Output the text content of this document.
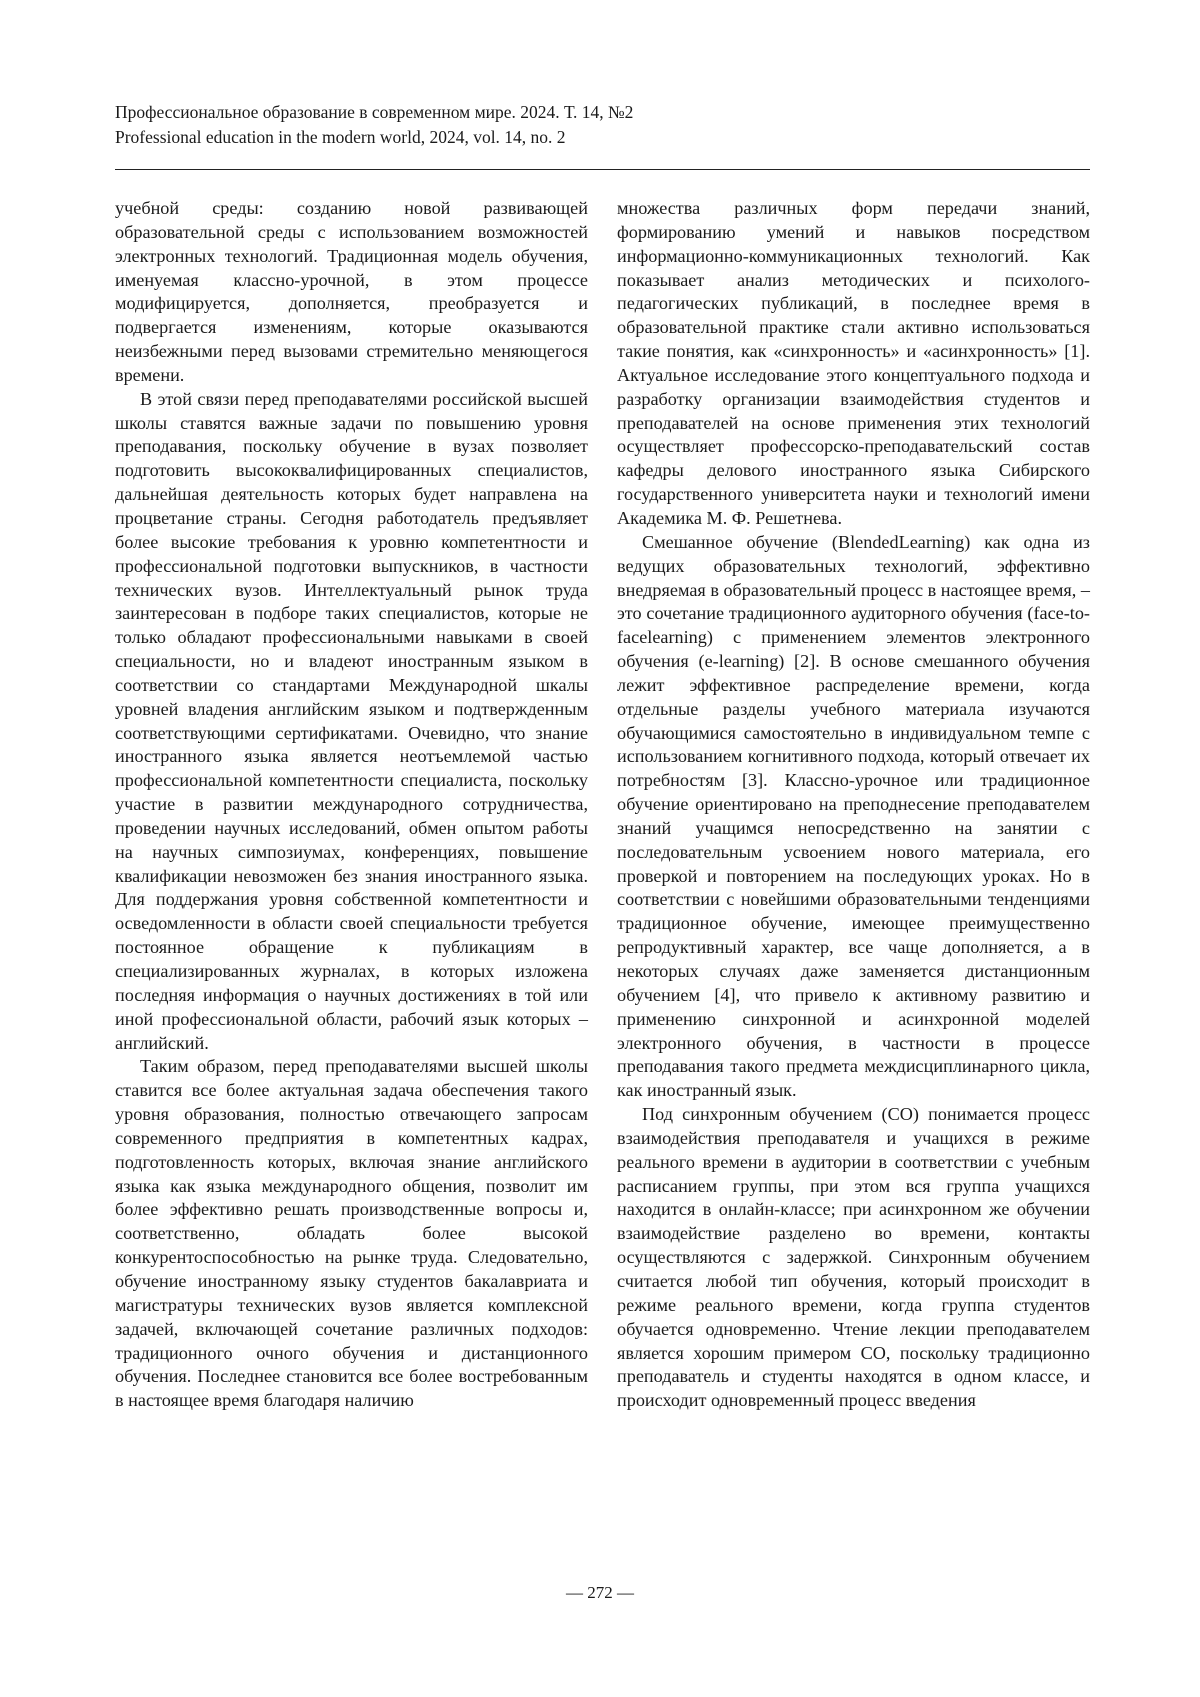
Профессиональное образование в современном мире. 2024. Т. 14, №2
Professional education in the modern world, 2024, vol. 14, no. 2

учебной среды: созданию новой развивающей образовательной среды с использованием возможностей электронных технологий. Традиционная модель обучения, именуемая классно-урочной, в этом процессе модифицируется, дополняется, преобразуется и подвергается изменениям, которые оказываются неизбежными перед вызовами стремительно меняющегося времени.

В этой связи перед преподавателями российской высшей школы ставятся важные задачи по повышению уровня преподавания, поскольку обучение в вузах позволяет подготовить высококвалифицированных специалистов, дальнейшая деятельность которых будет направлена на процветание страны. Сегодня работодатель предъявляет более высокие требования к уровню компетентности и профессиональной подготовки выпускников, в частности технических вузов. Интеллектуальный рынок труда заинтересован в подборе таких специалистов, которые не только обладают профессиональными навыками в своей специальности, но и владеют иностранным языком в соответствии со стандартами Международной шкалы уровней владения английским языком и подтвержденным соответствующими сертификатами. Очевидно, что знание иностранного языка является неотъемлемой частью профессиональной компетентности специалиста, поскольку участие в развитии международного сотрудничества, проведении научных исследований, обмен опытом работы на научных симпозиумах, конференциях, повышение квалификации невозможен без знания иностранного языка. Для поддержания уровня собственной компетентности и осведомленности в области своей специальности требуется постоянное обращение к публикациям в специализированных журналах, в которых изложена последняя информация о научных достижениях в той или иной профессиональной области, рабочий язык которых – английский.

Таким образом, перед преподавателями высшей школы ставится все более актуальная задача обеспечения такого уровня образования, полностью отвечающего запросам современного предприятия в компетентных кадрах, подготовленность которых, включая знание английского языка как языка международного общения, позволит им более эффективно решать производственные вопросы и, соответственно, обладать более высокой конкурентоспособностью на рынке труда. Следовательно, обучение иностранному языку студентов бакалавриата и магистратуры технических вузов является комплексной задачей, включающей сочетание различных подходов: традиционного очного обучения и дистанционного обучения. Последнее становится все более востребованным в настоящее время благодаря наличию

множества различных форм передачи знаний, формированию умений и навыков посредством информационно-коммуникационных технологий. Как показывает анализ методических и психолого-педагогических публикаций, в последнее время в образовательной практике стали активно использоваться такие понятия, как «синхронность» и «асинхронность» [1]. Актуальное исследование этого концептуального подхода и разработку организации взаимодействия студентов и преподавателей на основе применения этих технологий осуществляет профессорско-преподавательский состав кафедры делового иностранного языка Сибирского государственного университета науки и технологий имени Академика М. Ф. Решетнева.

Смешанное обучение (BlendedLearning) как одна из ведущих образовательных технологий, эффективно внедряемая в образовательный процесс в настоящее время, – это сочетание традиционного аудиторного обучения (face-to-facelearning) с применением элементов электронного обучения (e-learning) [2]. В основе смешанного обучения лежит эффективное распределение времени, когда отдельные разделы учебного материала изучаются обучающимися самостоятельно в индивидуальном темпе с использованием когнитивного подхода, который отвечает их потребностям [3]. Классно-урочное или традиционное обучение ориентировано на преподнесение преподавателем знаний учащимся непосредственно на занятии с последовательным усвоением нового материала, его проверкой и повторением на последующих уроках. Но в соответствии с новейшими образовательными тенденциями традиционное обучение, имеющее преимущественно репродуктивный характер, все чаще дополняется, а в некоторых случаях даже заменяется дистанционным обучением [4], что привело к активному развитию и применению синхронной и асинхронной моделей электронного обучения, в частности в процессе преподавания такого предмета междисциплинарного цикла, как иностранный язык.

Под синхронным обучением (СО) понимается процесс взаимодействия преподавателя и учащихся в режиме реального времени в аудитории в соответствии с учебным расписанием группы, при этом вся группа учащихся находится в онлайн-классе; при асинхронном же обучении взаимодействие разделено во времени, контакты осуществляются с задержкой. Синхронным обучением считается любой тип обучения, который происходит в режиме реального времени, когда группа студентов обучается одновременно. Чтение лекции преподавателем является хорошим примером СО, поскольку традиционно преподаватель и студенты находятся в одном классе, и происходит одновременный процесс введения

— 272 —
